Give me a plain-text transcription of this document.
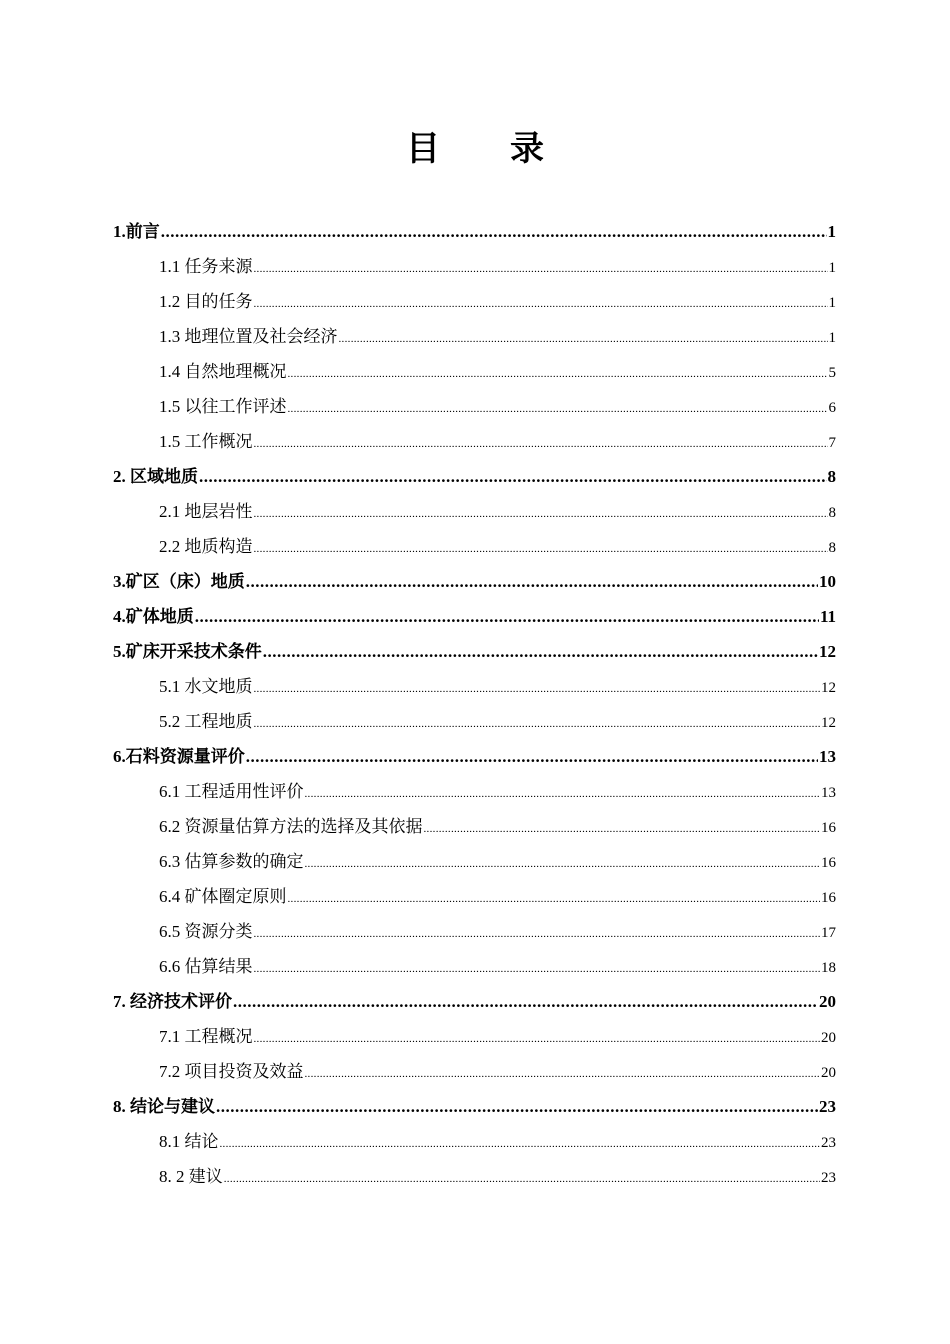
目 录
1.前言 .....	1
1.1 任务来源 .....	1
1.2 目的任务 .....	1
1.3 地理位置及社会经济 .....	1
1.4 自然地理概况 .....	5
1.5 以往工作评述 .....	6
1.5 工作概况 .....	7
2. 区域地质 .....	8
2.1 地层岩性 .....	8
2.2 地质构造 .....	8
3.矿区（床）地质 .....	10
4.矿体地质 .....	11
5.矿床开采技术条件 .....	12
5.1 水文地质 .....	12
5.2 工程地质 .....	12
6.石料资源量评价 .....	13
6.1 工程适用性评价 .....	13
6.2 资源量估算方法的选择及其依据 .....	16
6.3 估算参数的确定 .....	16
6.4 矿体圈定原则 .....	16
6.5 资源分类 .....	17
6.6 估算结果 .....	18
7. 经济技术评价 .....	20
7.1 工程概况 .....	20
7.2 项目投资及效益 .....	20
8. 结论与建议 .....	23
8.1 结论 .....	23
8. 2 建议 .....	23
